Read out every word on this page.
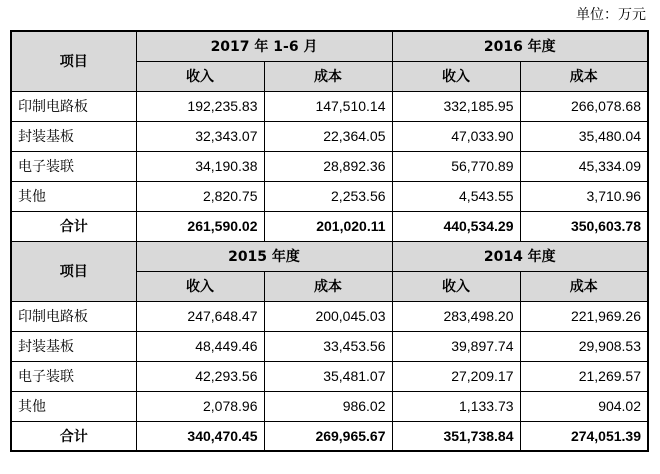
单位：万元
项目	2017 年 1-6 月		2016 年度	
	收入	成本	收入	成本
印制电路板	192,235.83	147,510.14	332,185.95	266,078.68
封装基板	32,343.07	22,364.05	47,033.90	35,480.04
电子装联	34,190.38	28,892.36	56,770.89	45,334.09
其他	2,820.75	2,253.56	4,543.55	3,710.96
合计	261,590.02	201,020.11	440,534.29	350,603.78
项目	2015 年度		2014 年度	
	收入	成本	收入	成本
印制电路板	247,648.47	200,045.03	283,498.20	221,969.26
封装基板	48,449.46	33,453.56	39,897.74	29,908.53
电子装联	42,293.56	35,481.07	27,209.17	21,269.57
其他	2,078.96	986.02	1,133.73	904.02
合计	340,470.45	269,965.67	351,738.84	274,051.39
